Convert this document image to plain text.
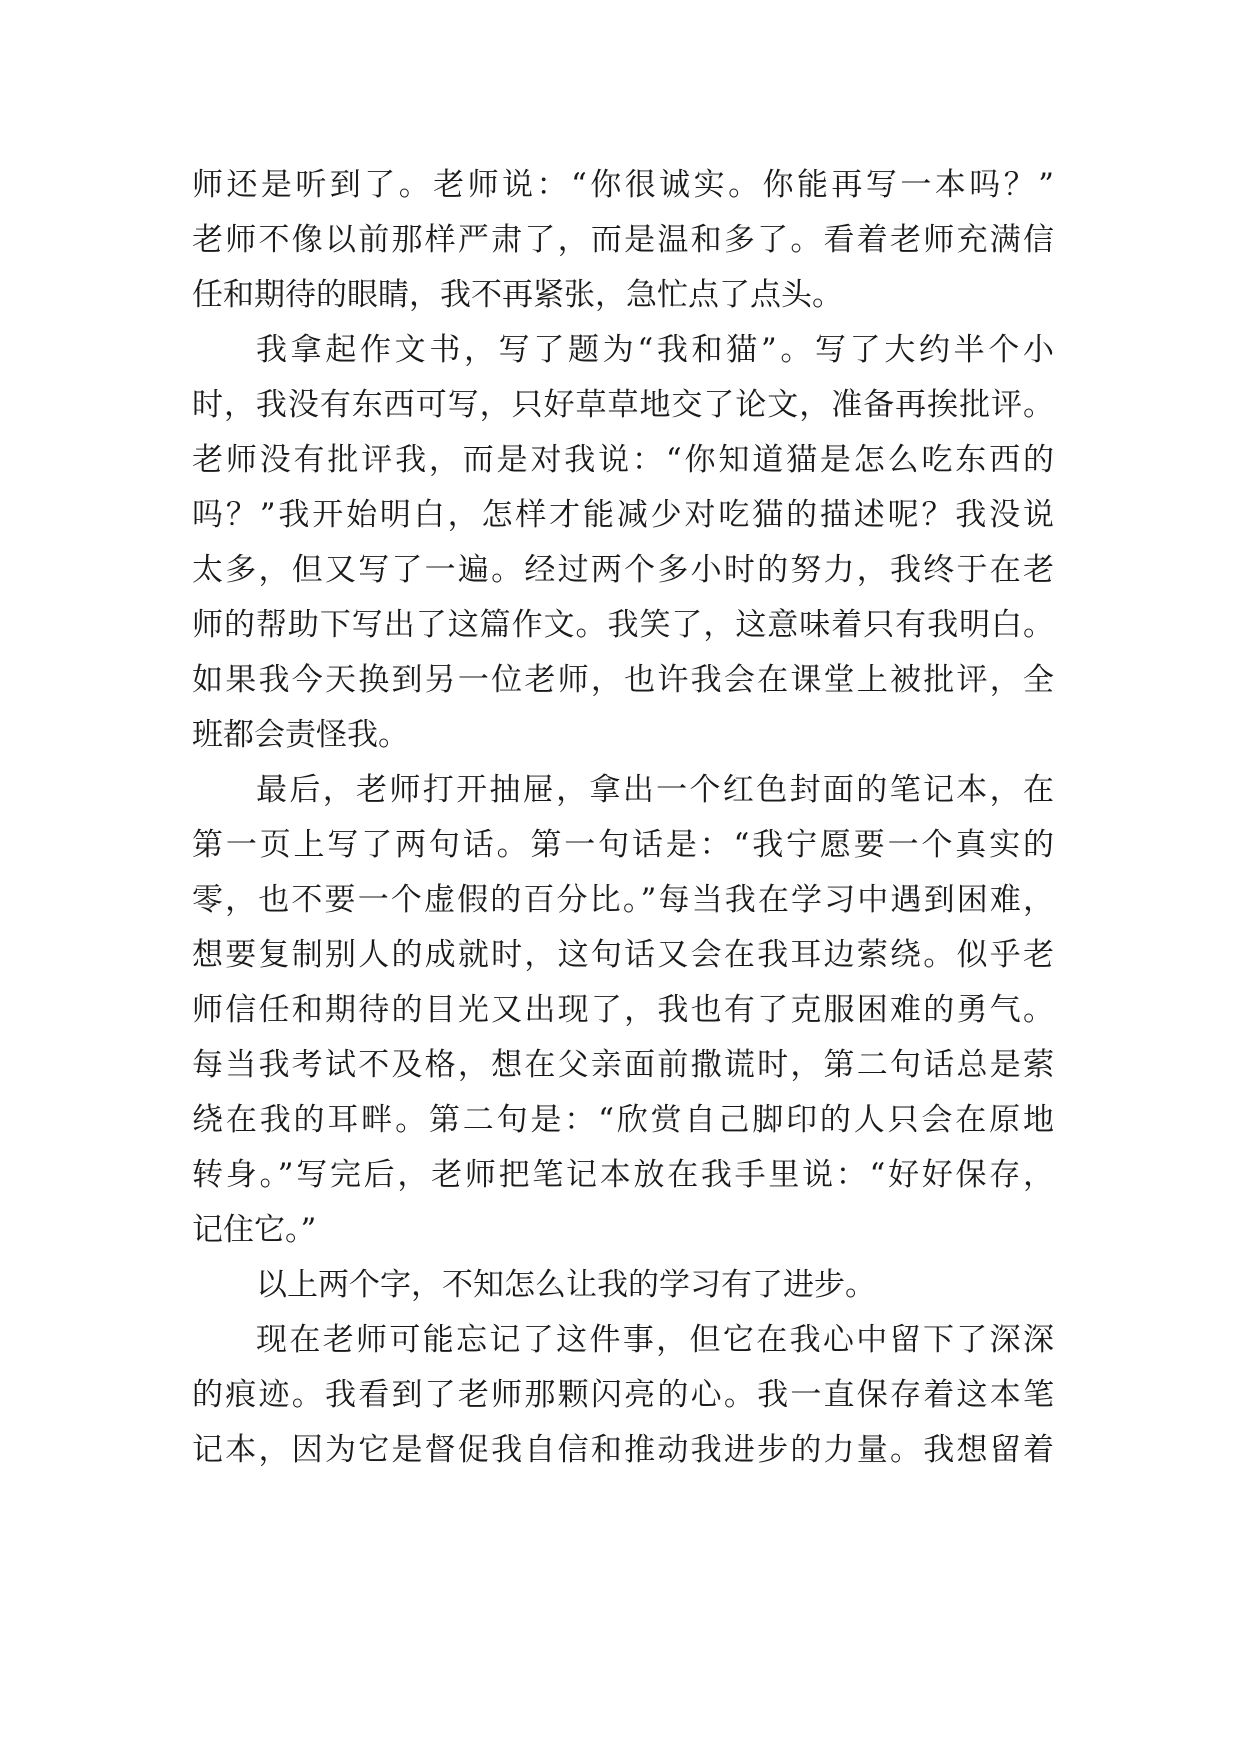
师还是听到了。老师说：“你很诚实。你能再写一本吗？”
老师不像以前那样严肃了，而是温和多了。看着老师充满信
任和期待的眼睛，我不再紧张，急忙点了点头。
我拿起作文书，写了题为“我和猫”。写了大约半个小
时，我没有东西可写，只好草草地交了论文，准备再挨批评。
老师没有批评我，而是对我说：“你知道猫是怎么吃东西的
吗？”我开始明白，怎样才能减少对吃猫的描述呢？我没说
太多，但又写了一遍。经过两个多小时的努力，我终于在老
师的帮助下写出了这篇作文。我笑了，这意味着只有我明白。
如果我今天换到另一位老师，也许我会在课堂上被批评，全
班都会责怪我。
最后，老师打开抽屉，拿出一个红色封面的笔记本，在
第一页上写了两句话。第一句话是：“我宁愿要一个真实的
零，也不要一个虚假的百分比。”每当我在学习中遇到困难，
想要复制别人的成就时，这句话又会在我耳边萦绕。似乎老
师信任和期待的目光又出现了，我也有了克服困难的勇气。
每当我考试不及格，想在父亲面前撒谎时，第二句话总是萦
绕在我的耳畔。第二句是：“欣赏自己脚印的人只会在原地
转身。”写完后，老师把笔记本放在我手里说：“好好保存，
记住它。”
以上两个字，不知怎么让我的学习有了进步。
现在老师可能忘记了这件事，但它在我心中留下了深深
的痕迹。我看到了老师那颗闪亮的心。我一直保存着这本笔
记本，因为它是督促我自信和推动我进步的力量。我想留着
